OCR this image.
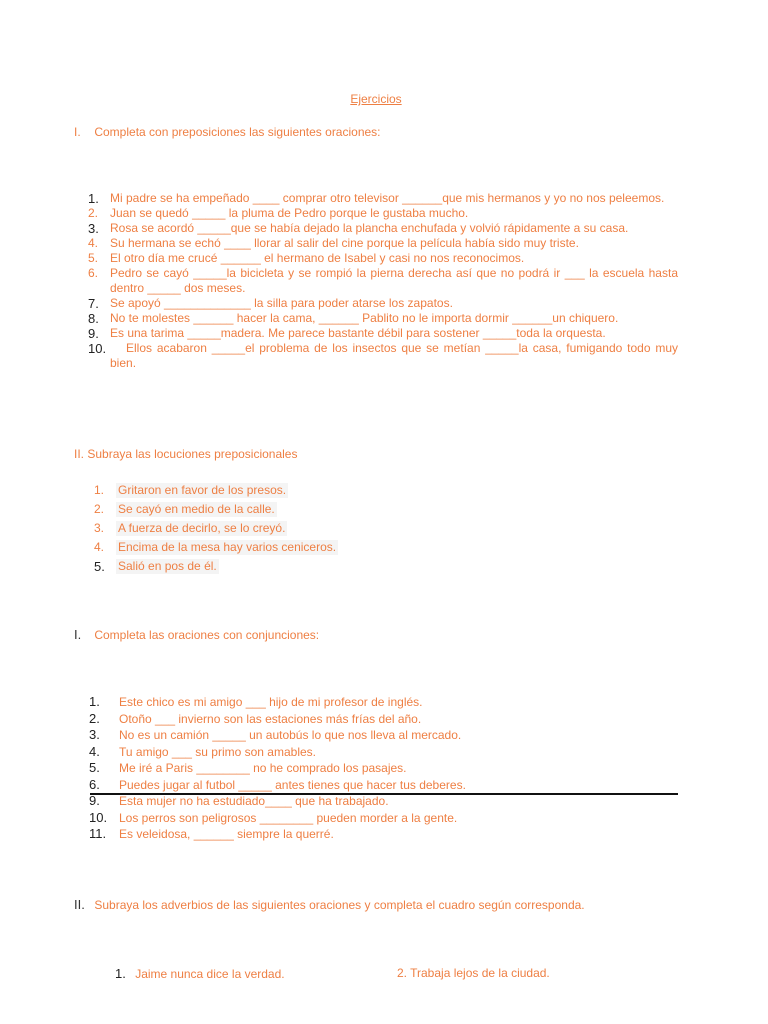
Ejercicios
I. Completa con preposiciones las siguientes oraciones:
1. Mi padre se ha empeñado ____ comprar otro televisor ______que mis hermanos y yo no nos peleemos.
2. Juan se quedó _____ la pluma de Pedro porque le gustaba mucho.
3. Rosa se acordó _____que se había dejado la plancha enchufada y volvió rápidamente a su casa.
4. Su hermana se echó ____ llorar al salir del cine porque la película había sido muy triste.
5. El otro día me crucé ______ el hermano de Isabel y casi no nos reconocimos.
6. Pedro se cayó _____la bicicleta y se rompió la pierna derecha así que no podrá ir ___ la escuela hasta dentro _____ dos meses.
7. Se apoyó _____________ la silla para poder atarse los zapatos.
8. No te molestes ______ hacer la cama, ______ Pablito no le importa dormir ______un chiquero.
9. Es una tarima _____madera. Me parece bastante débil para sostener _____toda la orquesta.
10.	Ellos acabaron _____el problema de los insectos que se metían _____la casa, fumigando todo muy bien.
II. Subraya las locuciones preposicionales
1. Gritaron en favor de los presos.
2. Se cayó en medio de la calle.
3. A fuerza de decirlo, se lo creyó.
4. Encima de la mesa hay varios ceniceros.
5. Salió en pos de él.
I. Completa las oraciones con conjunciones:
1.	Este chico es mi amigo ___ hijo de mi profesor de inglés.
2.	Otoño ___ invierno son las estaciones más frías del año.
3.	No es un camión _____ un autobús lo que nos lleva al mercado.
4.	Tu amigo ___ su primo son amables.
5.	Me iré a Paris ________ no he comprado los pasajes.
6.	Puedes jugar al futbol _____ antes tienes que hacer tus deberes.
9.	Esta mujer no ha estudiado____ que ha trabajado.
10. Los perros son peligrosos ________ pueden morder a la gente.
11.	Es veleidosa, ______ siempre la querré.
II. Subraya los adverbios de las siguientes oraciones y completa el cuadro según corresponda.
1. Jaime nunca dice la verdad.	2. Trabaja lejos de la ciudad.
